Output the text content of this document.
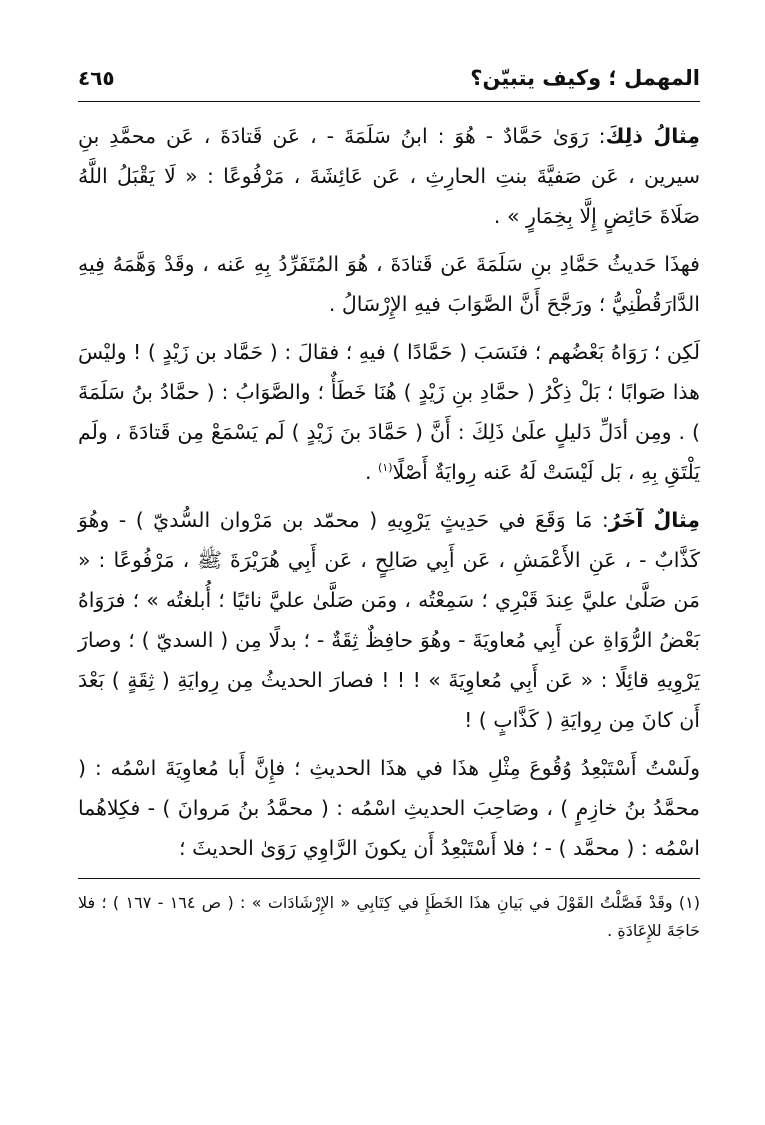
المهمل ؛ وكيف يتبيّن؟
٤٦٥

مِثالُ ذلِكَ: رَوَىٰ حَمَّادٌ - هُوَ : ابنُ سَلَمَةَ - ، عَن قَتادَةَ ، عَن محمَّدِ بنِ سيرين ، عَن صَفيَّةَ بنتِ الحارِثِ ، عَن عَائِشَةَ ، مَرْفُوعًا : « لَا يَقْبَلُ اللَّهُ صَلَاةَ حَائِضٍ إِلَّا بِخِمَارٍ » .

فهذَا حَديثُ حَمَّادِ بنِ سَلَمَةَ عَن قَتادَةَ ، هُوَ المُتَفَرِّدُ بِهِ عَنه ، وقَدْ وَهَّمَهُ فِيهِ الدَّارَقُطْنِيُّ ؛ ورَجَّحَ أَنَّ الصَّوَابَ فيهِ الإِرْسَالُ .

لَكِن ؛ رَوَاهُ بَعْضُهم ؛ فنَسَبَ ( حَمَّادًا ) فيهِ ؛ فقالَ : ( حَمَّاد بن زَيْدٍ ) ! وليْسَ هذا صَوابًا ؛ بَلْ ذِكْرُ ( حمَّادِ بنِ زَيْدٍ ) هُنَا خَطَأٌ ؛ والصَّوَابُ : ( حمَّادُ بنُ سَلَمَةَ ) . ومِن أدَلِّ دَليلٍ علَىٰ ذَلِكَ : أَنَّ ( حَمَّادَ بنَ زَيْدٍ ) لَم يَسْمَعْ مِن قَتادَةَ ، ولَم يَلْتَقِ بِهِ ، بَل لَيْسَتْ لَهُ عَنه رِوايَةٌ أَصْلًا$^{(١)}$ .

مِثالٌ آخَرُ: مَا وَقَعَ في حَدِيثٍ يَرْوِيهِ ( محمّد بن مَرْوان السُّديّ ) - وهُوَ كَذَّابٌ - ، عَنِ الأَعْمَشِ ، عَن أَبِي صَالِحٍ ، عَن أَبِي هُرَيْرَةَ ﷺ ، مَرْفُوعًا : « مَن صَلَّىٰ عليَّ عِندَ قَبْرِي ؛ سَمِعْتُه ، ومَن صَلَّىٰ عليَّ نائيًا ؛ أُبلغتُه » ؛ فرَوَاهُ بَعْضُ الرُّوَاةِ عن أَبِي مُعاويَةَ - وهُوَ حافِظٌ ثِقَةٌ - ؛ بدلًا مِن ( السديّ ) ؛ وصارَ يَرْوِيهِ قائِلًا : « عَن أَبِي مُعاوِيَةَ » ! ! ! فصارَ الحديثُ مِن رِوايَةِ ( ثِقَةٍ ) بَعْدَ أَن كانَ مِن رِوايَةِ ( كَذَّابٍ ) !

ولَسْتُ أَسْتَبْعِدُ وُقُوعَ مِثْلِ هذَا في هذَا الحديثِ ؛ فإِنَّ أَبا مُعاوِيَةَ اسْمُه : ( محمَّدُ بنُ خازِمٍ ) ، وصَاحِبَ الحديثِ اسْمُه : ( محمَّدُ بنُ مَروانَ ) - فكِلاهُما اسْمُه : ( محمَّد ) - ؛ فلا أَسْتَبْعِدُ أَن يكونَ الرَّاوِي رَوَىٰ الحديثَ ؛

(١) وقَدْ فَصَّلْتُ القَوْلَ في بَيانِ هذَا الخَطَإِ في كِتَابِي « الإِرْشَادَات » : ( ص ١٦٤ - ١٦٧ ) ؛ فلا حَاجَةَ للإِعَادَةِ .
